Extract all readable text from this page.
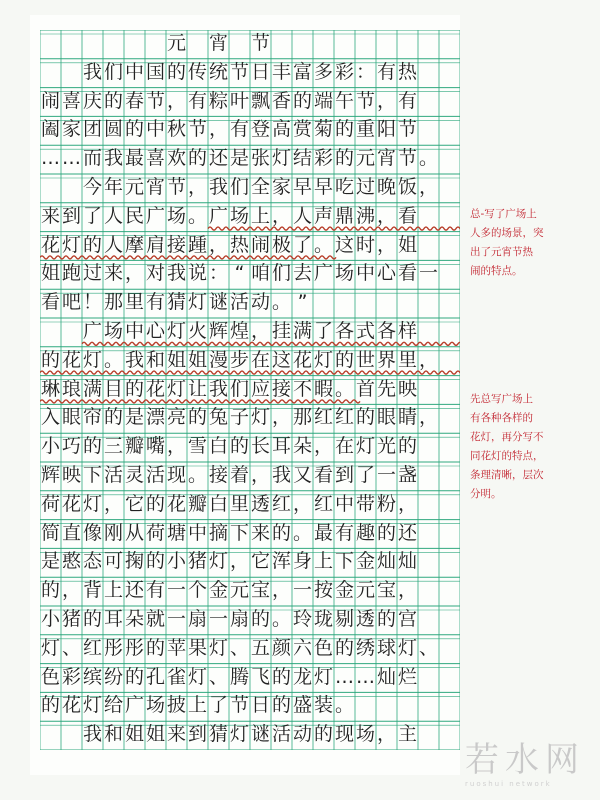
元 宵 节
我 们 中 国 的 传 统 节 日 丰 富 多 彩 ： 有 热
闹 喜 庆 的 春 节 ， 有 粽 叶 飘 香 的 端 午 节 ， 有
阖 家 团 圆 的 中 秋 节 ， 有 登 高 赏 菊 的 重 阳 节
… … 而 我 最 喜 欢 的 还 是 张 灯 结 彩 的 元 宵 节 。
今 年 元 宵 节 ， 我 们 全 家 早 早 吃 过 晚 饭 ，
来 到 了 人 民 广 场 。 广 场 上 ， 人 声 鼎 沸 ， 看
花 灯 的 人 摩 肩 接 踵 ， 热 闹 极 了 。 这 时 ， 姐
姐 跑 过 来 ， 对 我 说 ： “ 咱 们 去 广 场 中 心 看 一
看 吧 ！ 那 里 有 猜 灯 谜 活 动 。 ”
广 场 中 心 灯 火 辉 煌 ， 挂 满 了 各 式 各 样
的 花 灯 。 我 和 姐 姐 漫 步 在 这 花 灯 的 世 界 里 ，
琳 琅 满 目 的 花 灯 让 我 们 应 接 不 暇 。 首 先 映
入 眼 帘 的 是 漂 亮 的 兔 子 灯 ， 那 红 红 的 眼 睛 ，
小 巧 的 三 瓣 嘴 ， 雪 白 的 长 耳 朵 ， 在 灯 光 的
辉 映 下 活 灵 活 现 。 接 着 ， 我 又 看 到 了 一 盏
荷 花 灯 ， 它 的 花 瓣 白 里 透 红 ， 红 中 带 粉 ，
简 直 像 刚 从 荷 塘 中 摘 下 来 的 。 最 有 趣 的 还
是 憨 态 可 掬 的 小 猪 灯 ， 它 浑 身 上 下 金 灿 灿
的 ， 背 上 还 有 一 个 金 元 宝 ， 一 按 金 元 宝 ，
小 猪 的 耳 朵 就 一 扇 一 扇 的 。 玲 珑 剔 透 的 宫
灯 、 红 彤 彤 的 苹 果 灯 、 五 颜 六 色 的 绣 球 灯 、
色 彩 缤 纷 的 孔 雀 灯 、 腾 飞 的 龙 灯 … … 灿 烂
的 花 灯 给 广 场 披 上 了 节 日 的 盛 装 。
我 和 姐 姐 来 到 猜 灯 谜 活 动 的 现 场 ， 主
总-写了广场上
人多的场景，突
出了元宵节热
闹的特点。
先总写广场上
有各种各样的
花灯，再分写不
同花灯的特点，
条理清晰，层次
分明。
若水网
ruoshui network
